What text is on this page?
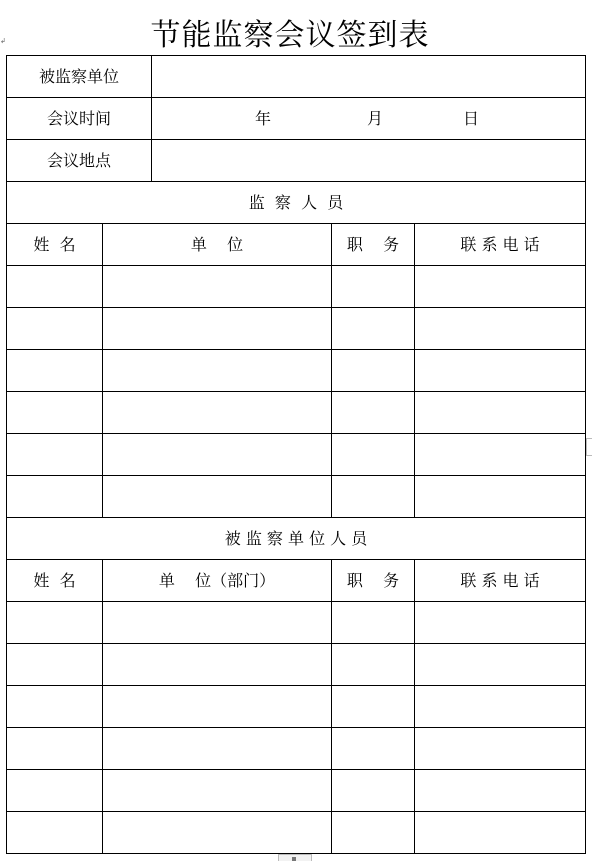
节能监察会议签到表
↲
被监察单位
会议时间	年	月	日
会议地点
监  察  人  员
姓  名	单    位	职    务	联 系 电 话
被 监 察 单 位 人 员
姓  名	单    位（部门）	职    务	联 系 电 话
